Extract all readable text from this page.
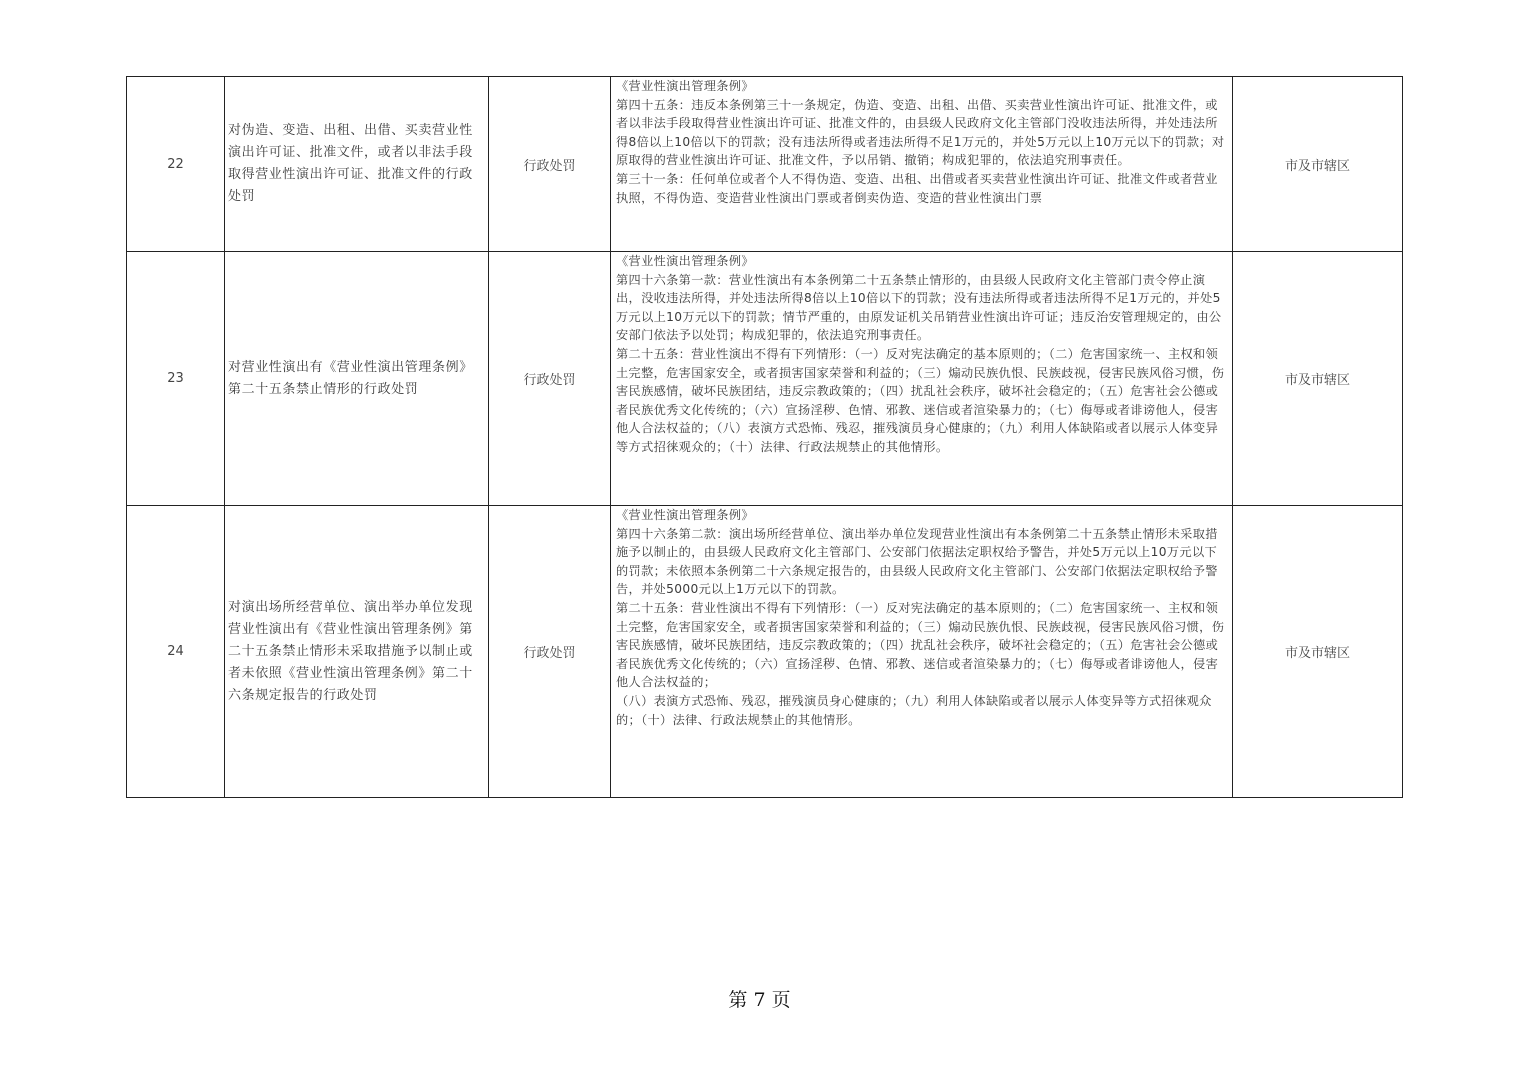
22	对伪造、变造、出租、出借、买卖营业性演出许可证、批准文件，或者以非法手段取得营业性演出许可证、批准文件的行政处罚	行政处罚	《营业性演出管理条例》

第四十五条：违反本条例第三十一条规定，伪造、变造、出租、出借、买卖营业性演出许可证、批准文件，或者以非法手段取得营业性演出许可证、批准文件的，由县级人民政府文化主管部门没收违法所得，并处违法所得8倍以上10倍以下的罚款；没有违法所得或者违法所得不足1万元的，并处5万元以上10万元以下的罚款；对原取得的营业性演出许可证、批准文件，予以吊销、撤销；构成犯罪的，依法追究刑事责任。

第三十一条：任何单位或者个人不得伪造、变造、出租、出借或者买卖营业性演出许可证、批准文件或者营业执照，不得伪造、变造营业性演出门票或者倒卖伪造、变造的营业性演出门票	市及市辖区
23	对营业性演出有《营业性演出管理条例》第二十五条禁止情形的行政处罚	行政处罚	《营业性演出管理条例》

第四十六条第一款：营业性演出有本条例第二十五条禁止情形的，由县级人民政府文化主管部门责令停止演出，没收违法所得，并处违法所得8倍以上10倍以下的罚款；没有违法所得或者违法所得不足1万元的，并处5万元以上10万元以下的罚款；情节严重的，由原发证机关吊销营业性演出许可证；违反治安管理规定的，由公安部门依法予以处罚；构成犯罪的，依法追究刑事责任。

第二十五条：营业性演出不得有下列情形：（一）反对宪法确定的基本原则的；（二）危害国家统一、主权和领土完整，危害国家安全，或者损害国家荣誉和利益的；（三）煽动民族仇恨、民族歧视，侵害民族风俗习惯，伤害民族感情，破坏民族团结，违反宗教政策的；（四）扰乱社会秩序，破坏社会稳定的；（五）危害社会公德或者民族优秀文化传统的；（六）宣扬淫秽、色情、邪教、迷信或者渲染暴力的；（七）侮辱或者诽谤他人，侵害他人合法权益的；（八）表演方式恐怖、残忍，摧残演员身心健康的；（九）利用人体缺陷或者以展示人体变异等方式招徕观众的；（十）法律、行政法规禁止的其他情形。	市及市辖区
24	对演出场所经营单位、演出举办单位发现营业性演出有《营业性演出管理条例》第二十五条禁止情形未采取措施予以制止或者未依照《营业性演出管理条例》第二十六条规定报告的行政处罚	行政处罚	《营业性演出管理条例》

第四十六条第二款：演出场所经营单位、演出举办单位发现营业性演出有本条例第二十五条禁止情形未采取措施予以制止的，由县级人民政府文化主管部门、公安部门依据法定职权给予警告，并处5万元以上10万元以下的罚款；未依照本条例第二十六条规定报告的，由县级人民政府文化主管部门、公安部门依据法定职权给予警告，并处5000元以上1万元以下的罚款。

第二十五条：营业性演出不得有下列情形：（一）反对宪法确定的基本原则的；（二）危害国家统一、主权和领土完整，危害国家安全，或者损害国家荣誉和利益的；（三）煽动民族仇恨、民族歧视，侵害民族风俗习惯，伤害民族感情，破坏民族团结，违反宗教政策的；（四）扰乱社会秩序，破坏社会稳定的；（五）危害社会公德或者民族优秀文化传统的；（六）宣扬淫秽、色情、邪教、迷信或者渲染暴力的；（七）侮辱或者诽谤他人，侵害他人合法权益的；

（八）表演方式恐怖、残忍，摧残演员身心健康的；（九）利用人体缺陷或者以展示人体变异等方式招徕观众的；（十）法律、行政法规禁止的其他情形。	市及市辖区
第 7 页
